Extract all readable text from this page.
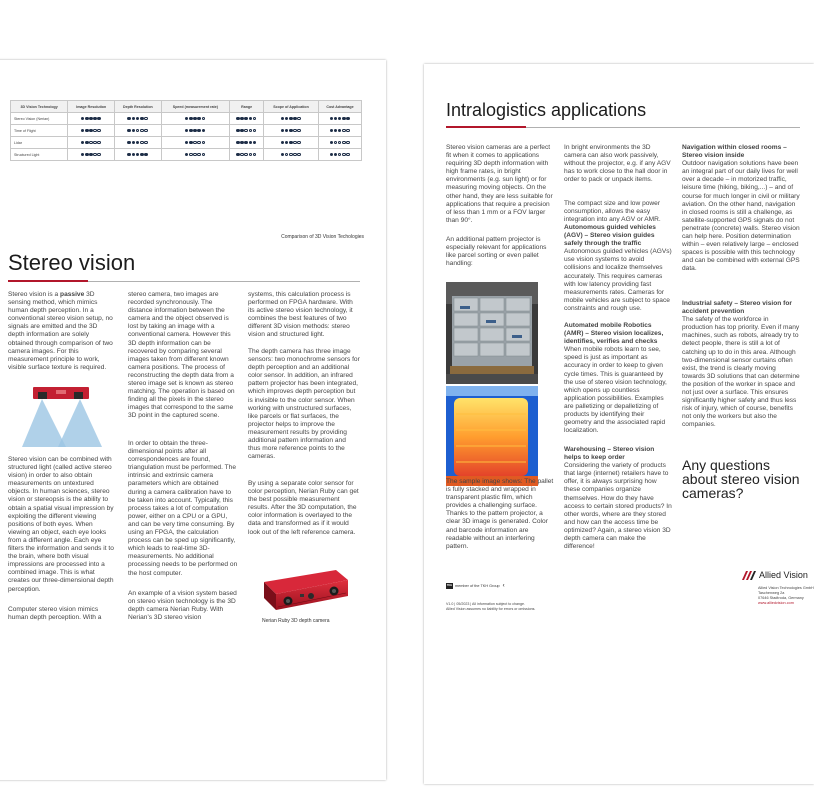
3D Vision Technology	Image Resolution	Depth Resolution	Speed (measurement rate)	Range	Scope of Application	Cost Advantage
Stereo Vision (Nerian)						
Time of Flight						
Lidar						
Structured Light						
Comparison of 3D Vision Techologies
Stereo vision
Stereo vision is a passive 3D sensing method, which mimics human depth perception. In a conventional stereo vision setup, no signals are emitted and the 3D depth information are solely obtained through comparison of two camera images. For this measurement principle to work, visible surface texture is required.
Stereo vision can be combined with structured light (called active stereo vision) in order to also obtain measurements on untextured objects. In human sciences, stereo vision or stereopsis is the ability to obtain a spatial visual impression by exploiting the different viewing positions of both eyes. When viewing an object, each eye looks from a different angle. Each eye filters the information and sends it to the brain, where both visual impressions are processed into a combined image. This is what creates our three-dimensional depth perception.
Computer stereo vision mimics human depth perception. With a
stereo camera, two images are recorded synchronously. The distance information between the camera and the object observed is lost by taking an image with a conventional camera. However this 3D depth information can be recovered by comparing several images taken from different known camera positions. The process of reconstructing the depth data from a stereo image set is known as stereo matching. The operation is based on finding all the pixels in the stereo images that correspond to the same 3D point in the captured scene.
In order to obtain the three-dimensional points after all correspondences are found, triangulation must be performed. The intrinsic and extrinsic camera parameters which are obtained during a camera calibration have to be taken into account. Typically, this process takes a lot of computation power, either on a CPU or a GPU, and can be very time consuming. By using an FPGA, the calculation process can be sped up significantly, which leads to real-time 3D-measurements. No additional processing needs to be performed on the host computer.
An example of a vision system based on stereo vision technology is the 3D depth camera Nerian Ruby. With Nerian’s 3D stereo vision
systems, this calculation process is performed on FPGA hardware. With its active stereo vision technology, it combines the best features of two different 3D vision methods: stereo vision and structured light.
The depth camera has three image sensors: two monochrome sensors for depth perception and an additional color sensor. In addition, an infrared pattern projector has been integrated, which improves depth perception but is invisible to the color sensor. When working with unstructured surfaces, like parcels or flat surfaces, the projector helps to improve the measurement results by providing additional pattern information and thus more reference points to the cameras.
By using a separate color sensor for color perception, Nerian Ruby can get the best possible measurement results. After the 3D computation, the color information is overlayed to the data and transformed as if it would look out of the left reference camera.
Nerian Ruby 3D depth camera
Intralogistics applications
Stereo vision cameras are a perfect fit when it comes to applications requiring 3D depth information with high frame rates, in bright environments (e.g. sun light) or for measuring moving objects. On the other hand, they are less suitable for applications that require a precision of less than 1 mm or a FOV larger than 90°.
An additional pattern projector is especially relevant for applications like parcel sorting or even pallet handling:
The sample image shows: The pallet is fully stacked and wrapped in transparent plastic film, which provides a challenging surface. Thanks to the pattern projector, a clear 3D image is generated. Color and barcode information are readable without an interfering pattern.
In bright environments the 3D camera can also work passively, without the projector, e.g. if any AGV has to work close to the hall door in order to pack or unpack items.
The compact size and low power consumption, allows the easy integration into any AGV or AMR.
Autonomous guided vehicles (AGV) – Stereo vision guides safely through the traffic
Autonomous guided vehicles (AGVs) use vision systems to avoid collisions and localize themselves accurately. This requires cameras with low latency providing fast measurements rates. Cameras for mobile vehicles are subject to space constraints and rough use.
Automated mobile Robotics (AMR) – Stereo vision localizes, identifies, verifies and checks
When mobile robots learn to see, speed is just as important as accuracy in order to keep to given cycle times. This is guaranteed by the use of stereo vision technology, which opens up countless application possibilities. Examples are palletizing or depalletizing of products by identifying their geometry and the associated rapid localization.
Warehousing – Stereo vision helps to keep order
Considering the variety of products that large (internet) retailers have to offer, it is always surprising how these companies organize themselves. How do they have access to certain stored products? In other words, where are they stored and how can the access time be optimized? Again, a stereo vision 3D depth camera can make the difference!
Navigation within closed rooms – Stereo vision inside
Outdoor navigation solutions have been an integral part of our daily lives for well over a decade – in motorized traffic, leisure time (hiking, biking,...) – and of course for much longer in civil or military aviation. On the other hand, navigation in closed rooms is still a challenge, as satellite-supported GPS signals do not penetrate (concrete) walls. Stereo vision can help here. Position determination within – even relatively large – enclosed spaces is possible with this technology and can be combined with external GPS data.
Industrial safety – Stereo vision for accident prevention
The safety of the workforce in production has top priority. Even if many machines, such as robots, already try to detect people, there is still a lot of catching up to do in this area. Although two-dimensional sensor curtains often exist, the trend is clearly moving towards 3D solutions that can determine the position of the worker in space and not just over a surface. This ensures significantly higher safety and thus less risk of injury, which of course, benefits not only the workers but also the companies.
Any questions about stereo vision cameras?
TKH member of the TKH Group ‹
V1.0 | 05/2023 | All information subject to change.
Allied Vision assumes no liability for errors or omissions.
Allied Vision
Allied Vision Technologies GmbH
Taschenweg 2a
07646 Stadtroda, Germany
www.alliedvision.com
